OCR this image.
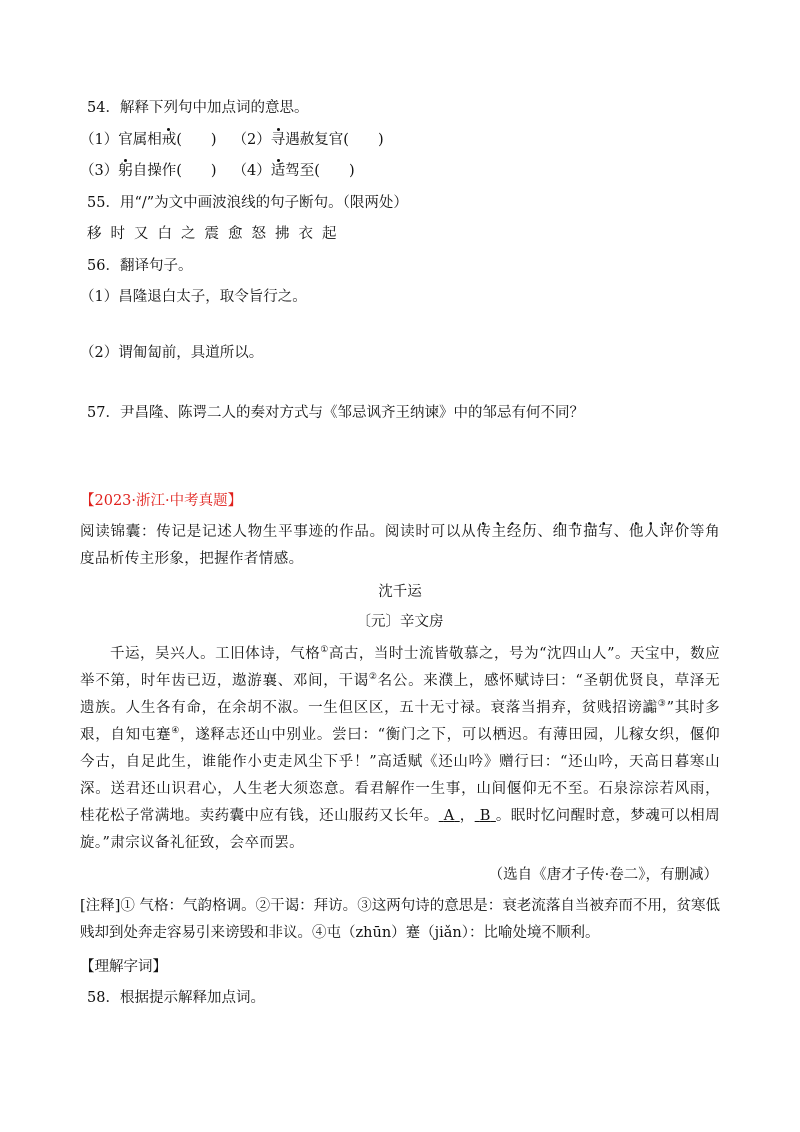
54．解释下列句中加点词的意思。
（1）官属相戒(　　) （2）寻遇赦复官(　　)
（3）躬自操作(　　) （4）适驾至(　　)
55．用“/”为文中画波浪线的句子断句。（限两处）
移时又白之震愈怒拂衣起
56．翻译句子。
（1）昌隆退白太子，取令旨行之。
（2）谓匍匐前，具道所以。
57．尹昌隆、陈谔二人的奏对方式与《邹忌讽齐王纳谏》中的邹忌有何不同？
【2023·浙江·中考真题】
阅读锦囊：传记是记述人物生平事迹的作品。阅读时可以从传主经历、细节描写、他人评价等角度品析传主形象，把握作者情感。
沈千运
〔元〕辛文房
千运，吴兴人。工旧体诗，气格①高古，当时士流皆敬慕之，号为“沈四山人”。天宝中，数应举不第，时年齿已迈，遨游襄、邓间，干谒②名公。来濮上，感怀赋诗曰：“圣朝优贤良，草泽无遗族。人生各有命，在余胡不淑。一生但区区，五十无寸禄。衰落当捐弃，贫贱招谤讟③”其时多艰，自知屯蹇④，遂释志还山中别业。尝曰：“衡门之下，可以栖迟。有薄田园，儿稼女织，偃仰今古，自足此生，谁能作小吏走风尘下乎！”高适赋《还山吟》赠行曰：“还山吟，天高日暮寒山深。送君还山识君心，人生老大须恣意。看君解作一生事，山间偃仰无不至。石泉淙淙若风雨，桂花松子常满地。卖药囊中应有钱，还山服药又长年。 A ， B 。眠时忆问醒时意，梦魂可以相周旋。”肃宗议备礼征致，会卒而罢。
（选自《唐才子传·卷二》，有删减）
[注释]① 气格：气韵格调。②干谒：拜访。③这两句诗的意思是：衰老流落自当被弃而不用，贫寒低贱却到处奔走容易引来谤毁和非议。④屯（zhūn）蹇（jiǎn）：比喻处境不顺利。
【理解字词】
58．根据提示解释加点词。
